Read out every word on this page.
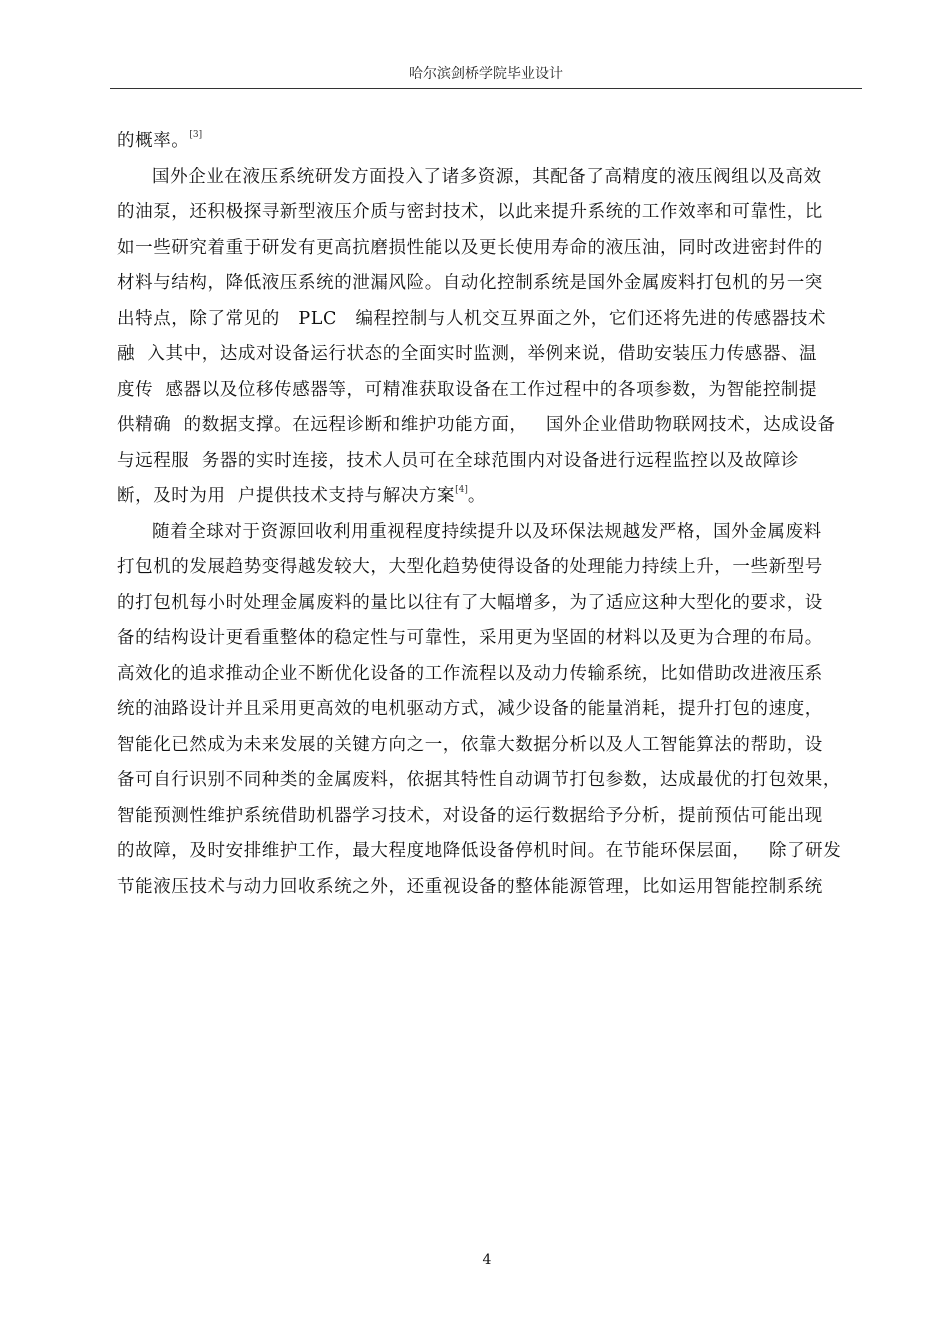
哈尔滨剑桥学院毕业设计

的概率。[3]

国外企业在液压系统研发方面投入了诸多资源，其配备了高精度的液压阀组以及高效
的油泵，还积极探寻新型液压介质与密封技术，以此来提升系统的工作效率和可靠性，比
如一些研究着重于研发有更高抗磨损性能以及更长使用寿命的液压油，同时改进密封件的
材料与结构，降低液压系统的泄漏风险。自动化控制系统是国外金属废料打包机的另一突
出特点，除了常见的   PLC   编程控制与人机交互界面之外，它们还将先进的传感器技术
融  入其中，达成对设备运行状态的全面实时监测，举例来说，借助安装压力传感器、温
度传  感器以及位移传感器等，可精准获取设备在工作过程中的各项参数，为智能控制提
供精确  的数据支撑。在远程诊断和维护功能方面，   国外企业借助物联网技术，达成设备
与远程服  务器的实时连接，技术人员可在全球范围内对设备进行远程监控以及故障诊
断，及时为用  户提供技术支持与解决方案[4]。

随着全球对于资源回收利用重视程度持续提升以及环保法规越发严格，国外金属废料
打包机的发展趋势变得越发较大，大型化趋势使得设备的处理能力持续上升，一些新型号
的打包机每小时处理金属废料的量比以往有了大幅增多，为了适应这种大型化的要求，设
备的结构设计更看重整体的稳定性与可靠性，采用更为坚固的材料以及更为合理的布局。
高效化的追求推动企业不断优化设备的工作流程以及动力传输系统，比如借助改进液压系
统的油路设计并且采用更高效的电机驱动方式，减少设备的能量消耗，提升打包的速度，
智能化已然成为未来发展的关键方向之一，依靠大数据分析以及人工智能算法的帮助，设
备可自行识别不同种类的金属废料，依据其特性自动调节打包参数，达成最优的打包效果，
智能预测性维护系统借助机器学习技术，对设备的运行数据给予分析，提前预估可能出现
的故障，及时安排维护工作，最大程度地降低设备停机时间。在节能环保层面，   除了研发
节能液压技术与动力回收系统之外，还重视设备的整体能源管理，比如运用智能控制系统

4
